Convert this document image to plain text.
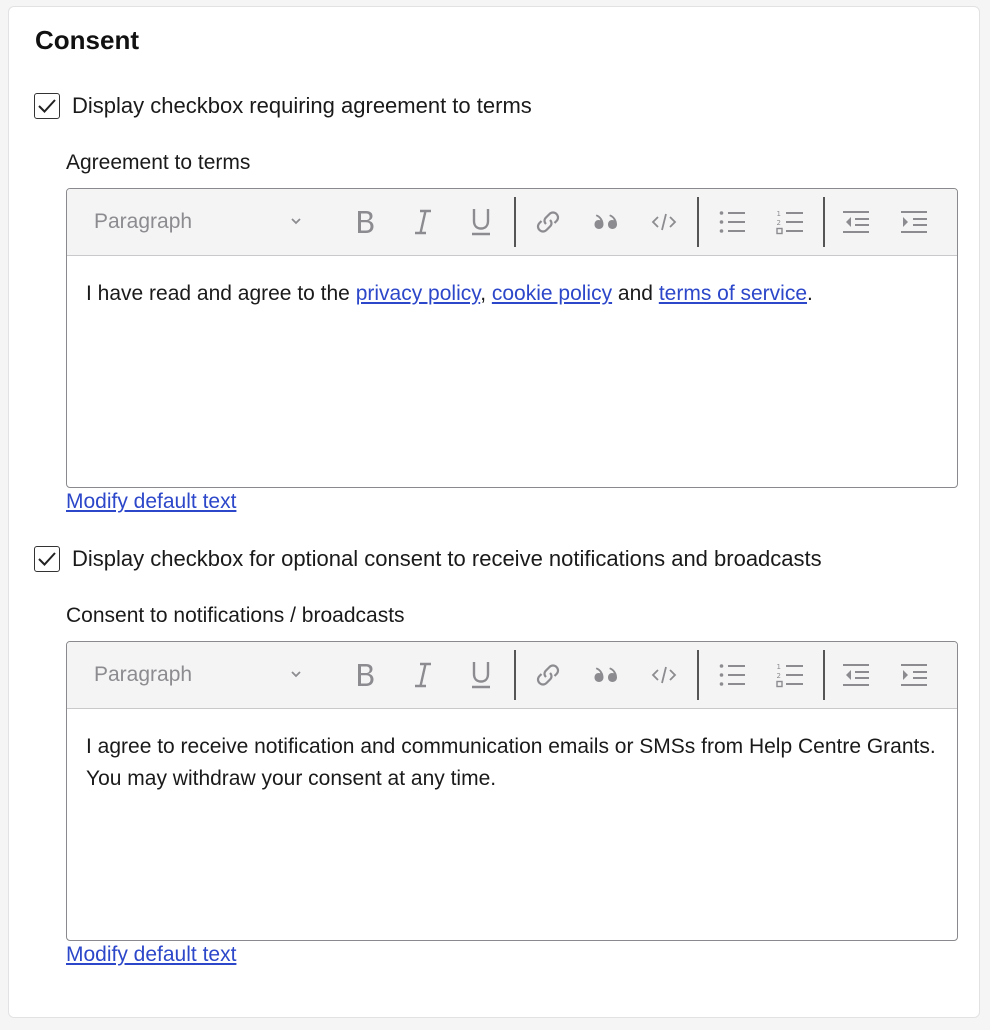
Consent
Display checkbox requiring agreement to terms
Agreement to terms
Paragraph	1
2
I have read and agree to the privacy policy, cookie policy and terms of service.
Modify default text
Display checkbox for optional consent to receive notifications and broadcasts
Consent to notifications / broadcasts
Paragraph	1
2
I agree to receive notification and communication emails or SMSs from Help Centre Grants. You may withdraw your consent at any time.
Modify default text
